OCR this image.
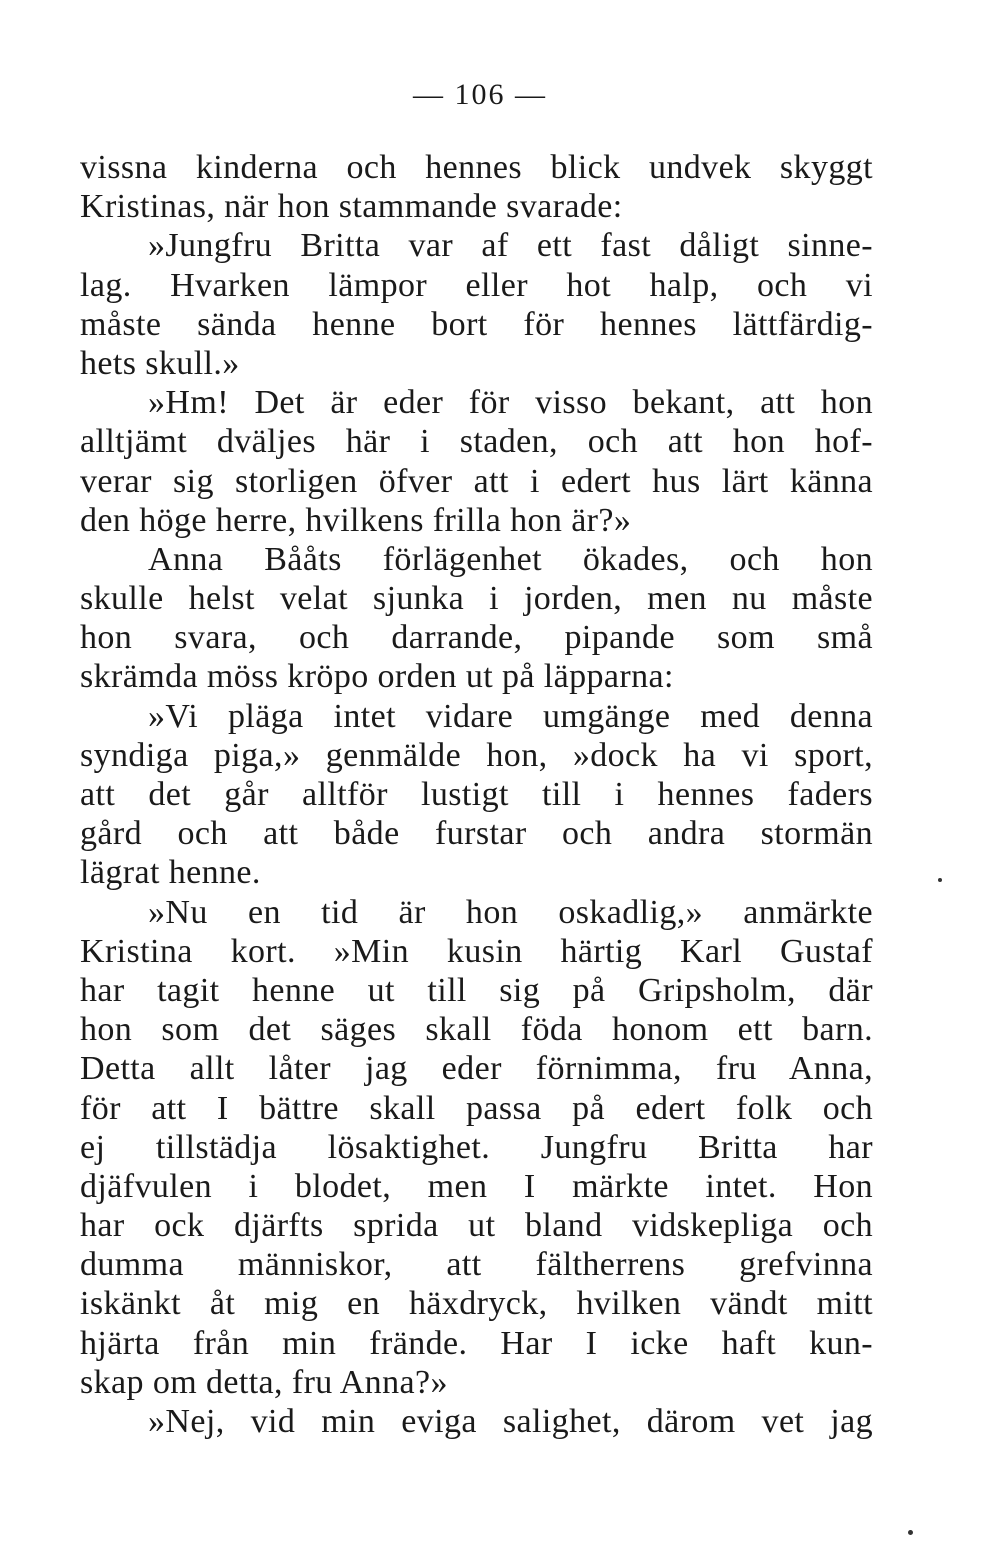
— 106 —
vissna kinderna och hennes blick undvek skyggt
Kristinas, när hon stammande svarade:
»Jungfru Britta var af ett fast dåligt sinne-
lag. Hvarken lämpor eller hot halp, och vi
måste sända henne bort för hennes lättfärdig-
hets skull.»
»Hm! Det är eder för visso bekant, att hon
alltjämt dväljes här i staden, och att hon hof-
verar sig storligen öfver att i edert hus lärt känna
den höge herre, hvilkens frilla hon är?»
Anna Bååts förlägenhet ökades, och hon
skulle helst velat sjunka i jorden, men nu måste
hon svara, och darrande, pipande som små
skrämda möss kröpo orden ut på läpparna:
»Vi pläga intet vidare umgänge med denna
syndiga piga,» genmälde hon, »dock ha vi sport,
att det går alltför lustigt till i hennes faders
gård och att både furstar och andra stormän
lägrat henne.
»Nu en tid är hon oskadlig,» anmärkte
Kristina kort. »Min kusin härtig Karl Gustaf
har tagit henne ut till sig på Gripsholm, där
hon som det säges skall föda honom ett barn.
Detta allt låter jag eder förnimma, fru Anna,
för att I bättre skall passa på edert folk och
ej tillstädja lösaktighet. Jungfru Britta har
djäfvulen i blodet, men I märkte intet. Hon
har ock djärfts sprida ut bland vidskepliga och
dumma människor, att fältherrens grefvinna
iskänkt åt mig en häxdryck, hvilken vändt mitt
hjärta från min frände. Har I icke haft kun-
skap om detta, fru Anna?»
»Nej, vid min eviga salighet, därom vet jag
